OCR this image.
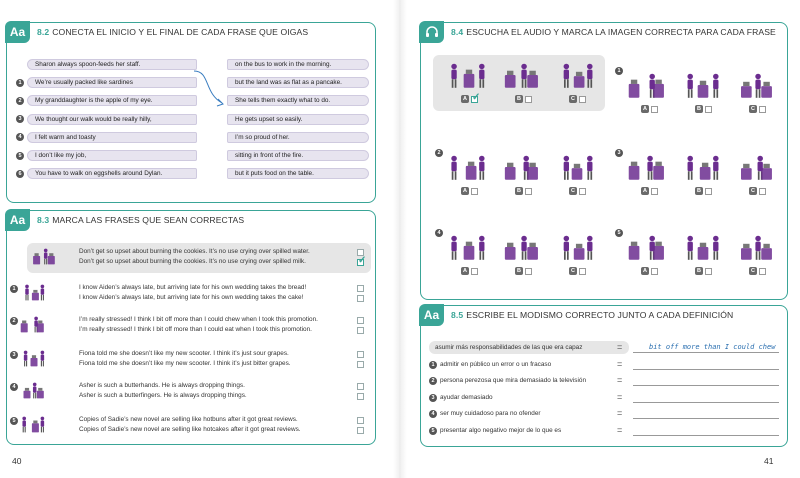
Aa	8.2 CONECTA EL INICIO Y EL FINAL DE CADA FRASE QUE OIGAS
Sharon always spoon-feeds her staff.
1	We’re usually packed like sardines
2	My granddaughter is the apple of my eye.
3	We thought our walk would be really hilly,
4	I felt warm and toasty
5	I don’t like my job,
6	You have to walk on eggshells around Dylan.
on the bus to work in the morning.
but the land was as flat as a pancake.
She tells them exactly what to do.
He gets upset so easily.
I’m so proud of her.
sitting in front of the fire.
but it puts food on the table.
Aa	8.3 MARCA LAS FRASES QUE SEAN CORRECTAS
Don’t get so upset about burning the cookies. It’s no use crying over spilled water.
Don’t get so upset about burning the cookies. It’s no use crying over spilled milk.
✓
1	I know Aiden’s always late, but arriving late for his own wedding takes the bread!
I know Aiden’s always late, but arriving late for his own wedding takes the cake!
2	I’m really stressed! I think I bit off more than I could chew when I took this promotion.
I’m really stressed! I think I bit off more than I could eat when I took this promotion.
3	Fiona told me she doesn’t like my new scooter. I think it’s just sour grapes.
Fiona told me she doesn’t like my new scooter. I think it’s just bitter grapes.
4	Asher is such a butterhands. He is always dropping things.
Asher is such a butterfingers. He is always dropping things.
5	Copies of Sadie’s new novel are selling like hotbuns after it got great reviews.
Copies of Sadie’s new novel are selling like hotcakes after it got great reviews.
40
8.4 ESCUCHA EL AUDIO Y MARCA LA IMAGEN CORRECTA PARA CADA FRASE
A
✓	B	C
1
A	B	C
2
A	B	C
3
A	B	C
4
A	B	C
5
A	B	C
Aa	8.5 ESCRIBE EL MODISMO CORRECTO JUNTO A CADA DEFINICIÓN
asumir más responsabilidades de las que era capaz	=	bit off more than I could chew
1 admitir en público un error o un fracaso	=
2 persona perezosa que mira demasiado la televisión	=
3 ayudar demasiado	=
4 ser muy cuidadoso para no ofender	=
5 presentar algo negativo mejor de lo que es	=
41
